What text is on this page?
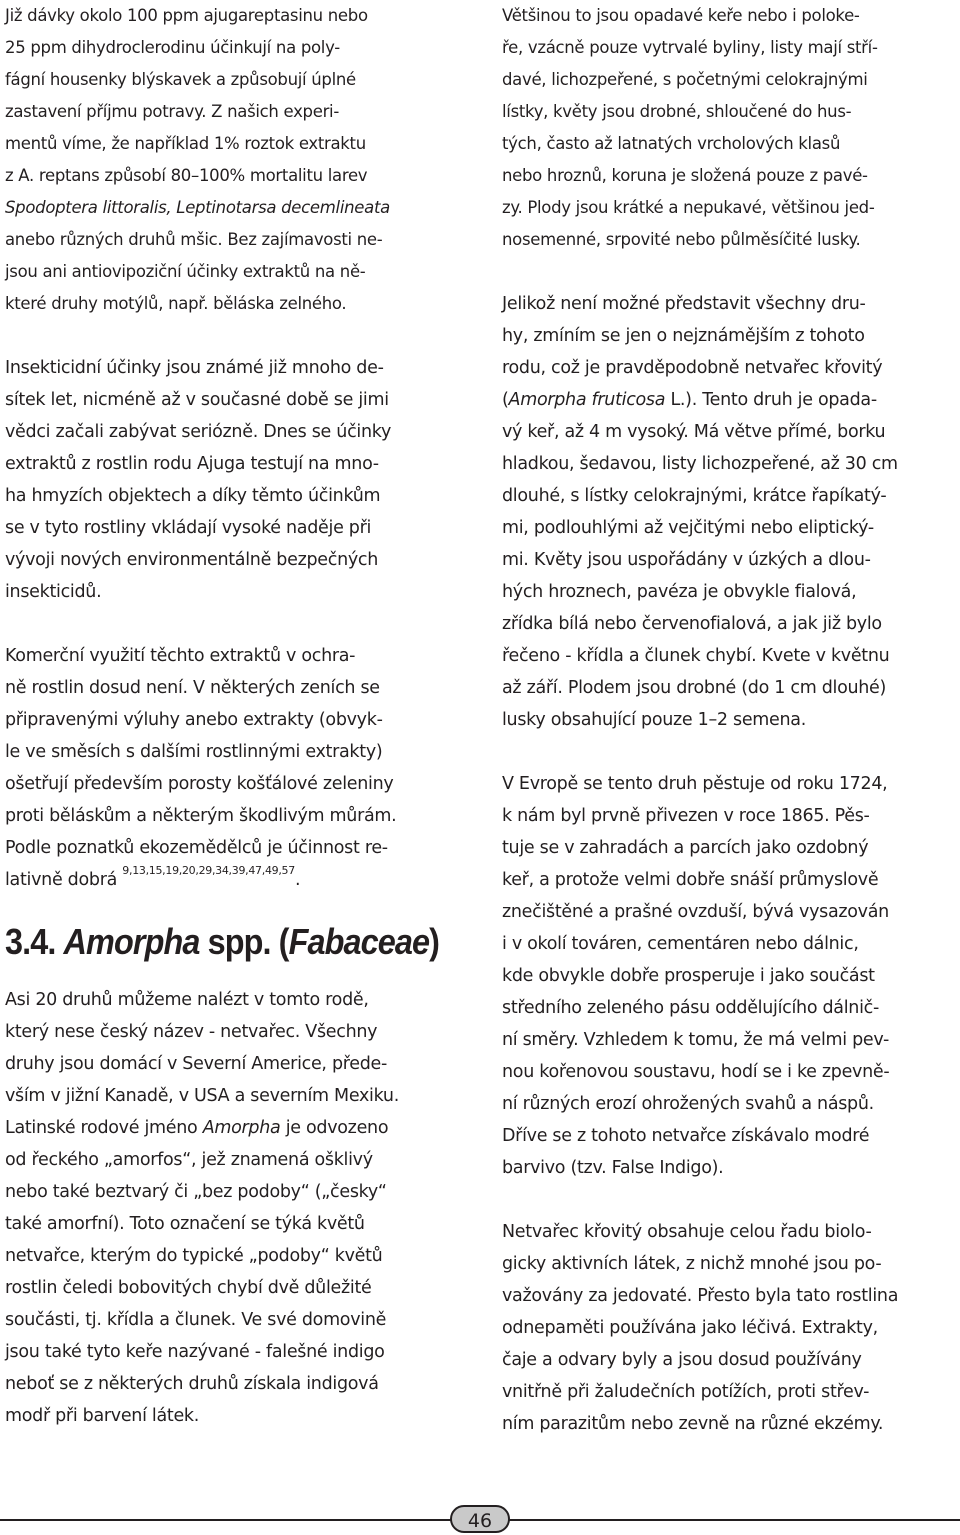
Již dávky okolo 100 ppm ajugareptasinu nebo
25 ppm dihydroclerodinu účinkují na poly-
fágní housenky blýskavek a způsobují úplné
zastavení příjmu potravy. Z našich experi-
mentů víme, že například 1% roztok extraktu
z A. reptans způsobí 80–100% mortalitu larev
Spodoptera littoralis, Leptinotarsa decemlineata
anebo různých druhů mšic. Bez zajímavosti ne-
jsou ani antiovipoziční účinky extraktů na ně-
které druhy motýlů, např. běláska zelného.
Insekticidní účinky jsou známé již mnoho de-
sítek let, nicméně až v současné době se jimi
vědci začali zabývat seriózně. Dnes se účinky
extraktů z rostlin rodu Ajuga testují na mno-
ha hmyzích objektech a díky těmto účinkům
se v tyto rostliny vkládají vysoké naděje při
vývoji nových environmentálně bezpečných
insekticidů.
Komerční využití těchto extraktů v ochra-
ně rostlin dosud není. V některých zeních se
připravenými výluhy anebo extrakty (obvyk-
le ve směsích s dalšími rostlinnými extrakty)
ošetřují především porosty košťálové zeleniny
proti běláskům a některým škodlivým můrám.
Podle poznatků ekozemědělců je účinnost re-
lativně dobrá $^{9,13,15,19,20,29,34,39,47,49,57}$.
3.4. Amorpha spp. (Fabaceae)
Asi 20 druhů můžeme nalézt v tomto rodě,
který nese český název - netvařec. Všechny
druhy jsou domácí v Severní Americe, přede-
vším v jižní Kanadě, v USA a severním Mexiku.
Latinské rodové jméno Amorpha je odvozeno
od řeckého „amorfos“, jež znamená ošklivý
nebo také beztvarý či „bez podoby“ („česky“
také amorfní). Toto označení se týká květů
netvařce, kterým do typické „podoby“ květů
rostlin čeledi bobovitých chybí dvě důležité
součásti, tj. křídla a člunek. Ve své domovině
jsou také tyto keře nazývané - falešné indigo
neboť se z některých druhů získala indigová
modř při barvení látek.
Většinou to jsou opadavé keře nebo i poloke-
ře, vzácně pouze vytrvalé byliny, listy mají stří-
davé, lichozpeřené, s početnými celokrajnými
lístky, květy jsou drobné, shloučené do hus-
tých, často až latnatých vrcholových klasů
nebo hroznů, koruna je složená pouze z pavé-
zy. Plody jsou krátké a nepukavé, většinou jed-
nosemenné, srpovité nebo půlměsíčité lusky.
Jelikož není možné představit všechny dru-
hy, zmíním se jen o nejznámějším z tohoto
rodu, což je pravděpodobně netvařec křovitý
(Amorpha fruticosa L.). Tento druh je opada-
vý keř, až 4 m vysoký. Má větve přímé, borku
hladkou, šedavou, listy lichozpeřené, až 30 cm
dlouhé, s lístky celokrajnými, krátce řapíkatý-
mi, podlouhlými až vejčitými nebo eliptický-
mi. Květy jsou uspořádány v úzkých a dlou-
hých hroznech, pavéza je obvykle fialová,
zřídka bílá nebo červenofialová, a jak již bylo
řečeno - křídla a člunek chybí. Kvete v květnu
až září. Plodem jsou drobné (do 1 cm dlouhé)
lusky obsahující pouze 1–2 semena.
V Evropě se tento druh pěstuje od roku 1724,
k nám byl prvně přivezen v roce 1865. Pěs-
tuje se v zahradách a parcích jako ozdobný
keř, a protože velmi dobře snáší průmyslově
znečištěné a prašné ovzduší, bývá vysazován
i v okolí továren, cementáren nebo dálnic,
kde obvykle dobře prosperuje i jako součást
středního zeleného pásu oddělujícího dálnič-
ní směry. Vzhledem k tomu, že má velmi pev-
nou kořenovou soustavu, hodí se i ke zpevně-
ní různých erozí ohrožených svahů a náspů.
Dříve se z tohoto netvařce získávalo modré
barvivo (tzv. False Indigo).
Netvařec křovitý obsahuje celou řadu biolo-
gicky aktivních látek, z nichž mnohé jsou po-
važovány za jedovaté. Přesto byla tato rostlina
odnepaměti používána jako léčivá. Extrakty,
čaje a odvary byly a jsou dosud používány
vnitřně při žaludečních potížích, proti střev-
ním parazitům nebo zevně na různé ekzémy.
46
